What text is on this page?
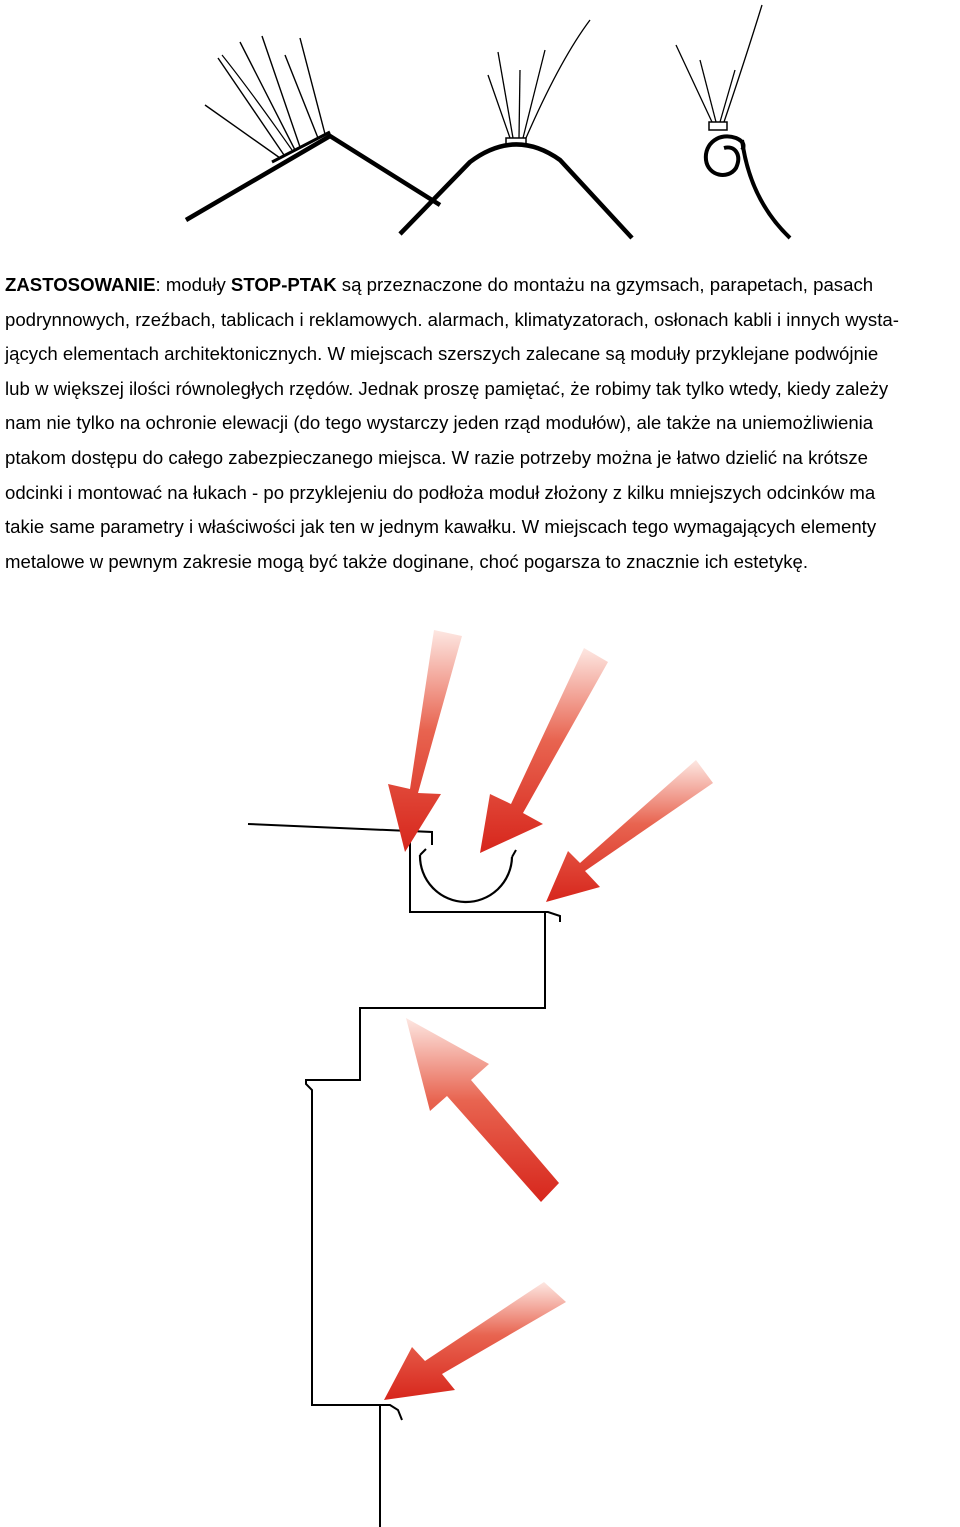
ZASTOSOWANIE: moduły STOP-PTAK są przeznaczone do montażu na gzymsach, parapetach, pasach
podrynnowych, rzeźbach, tablicach i reklamowych. alarmach, klimatyzatorach, osłonach kabli i innych wysta-
jących elementach architektonicznych. W miejscach szerszych zalecane są moduły przyklejane podwójnie
lub w większej ilości równoległych rzędów. Jednak proszę pamiętać, że robimy tak tylko wtedy, kiedy zależy
nam nie tylko na ochronie elewacji (do tego wystarczy jeden rząd modułów), ale także na uniemożliwienia
ptakom dostępu do całego zabezpieczanego miejsca. W razie potrzeby można je łatwo dzielić na krótsze
odcinki i montować na łukach - po przyklejeniu do podłoża moduł złożony z kilku mniejszych odcinków ma
takie same parametry i właściwości jak ten w jednym kawałku. W miejscach tego wymagających elementy
metalowe w pewnym zakresie mogą być także doginane, choć pogarsza to znacznie ich estetykę.
